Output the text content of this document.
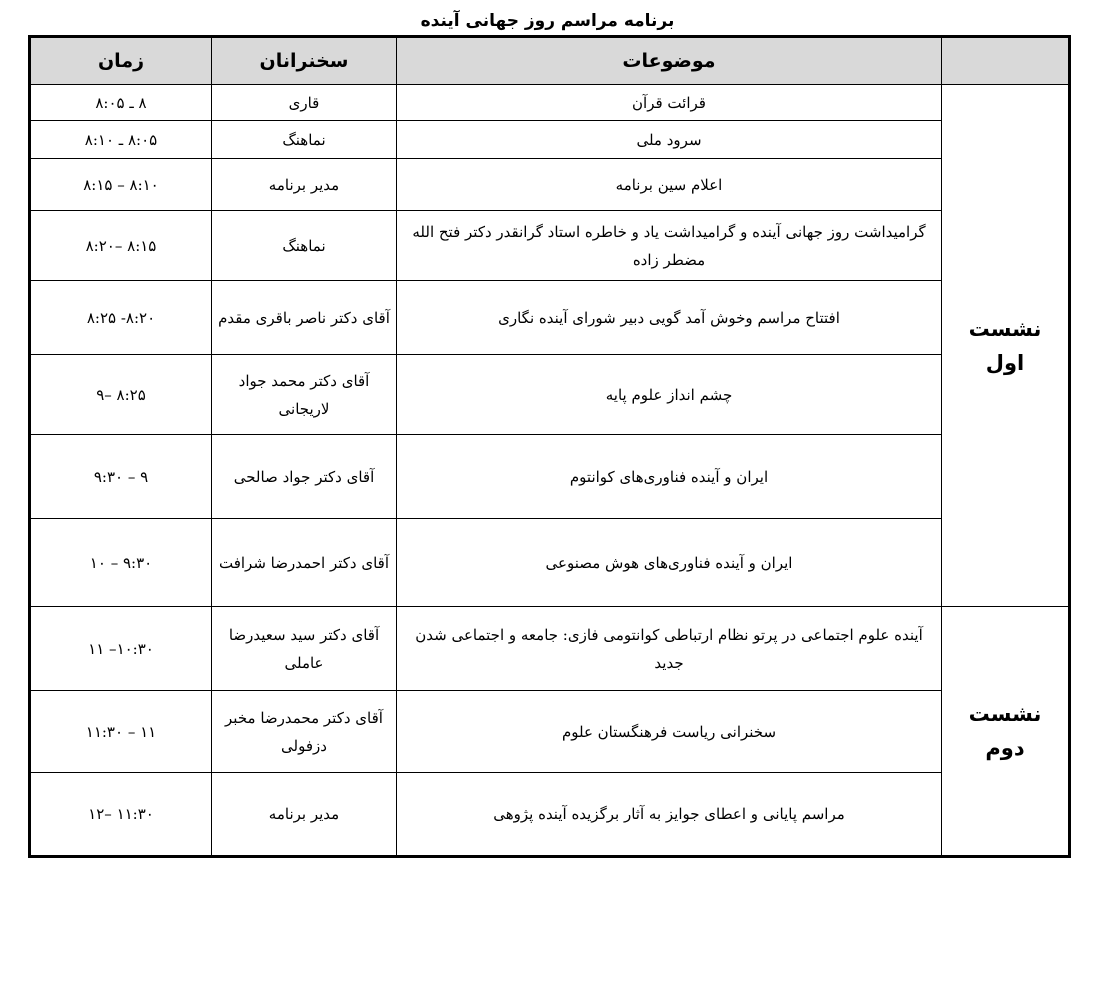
برنامه مراسم روز جهانی آینده
	موضوعات	سخنرانان	زمان

نشست
اول	قرائت قرآن	قاری	۸ ـ ۸:۰۵
	سرود ملی	نماهنگ	۸:۰۵ ـ ۸:۱۰
	اعلام سین برنامه	مدیر برنامه	۸:۱۰ – ۸:۱۵
	گرامیداشت روز جهانی آینده و گرامیداشت یاد و خاطره استاد گرانقدر دکتر فتح الله مضطر زاده	نماهنگ	۸:۱۵ –۸:۲۰
	افتتاح مراسم وخوش آمد گویی دبیر شورای آینده نگاری	آقای دکتر ناصر باقری مقدم	۸:۲۰- ۸:۲۵
	چشم انداز علوم پایه	آقای دکتر محمد جواد لاریجانی	۸:۲۵ –۹
	ایران و آینده فناوری‌های کوانتوم	آقای دکتر جواد صالحی	۹ – ۹:۳۰
	ایران و آینده فناوری‌های هوش مصنوعی	آقای دکتر احمدرضا شرافت	۹:۳۰ – ۱۰

نشست
دوم	آینده علوم اجتماعی در پرتو نظام ارتباطی کوانتومی فازی: جامعه و اجتماعی شدن جدید	آقای دکتر سید سعیدرضا عاملی	۱۰:۳۰– ۱۱
	سخنرانی ریاست فرهنگستان علوم	آقای دکتر محمدرضا مخبر دزفولی	۱۱ – ۱۱:۳۰
	مراسم پایانی و اعطای جوایز به آثار برگزیده آینده پژوهی	مدیر برنامه	۱۱:۳۰ –۱۲
